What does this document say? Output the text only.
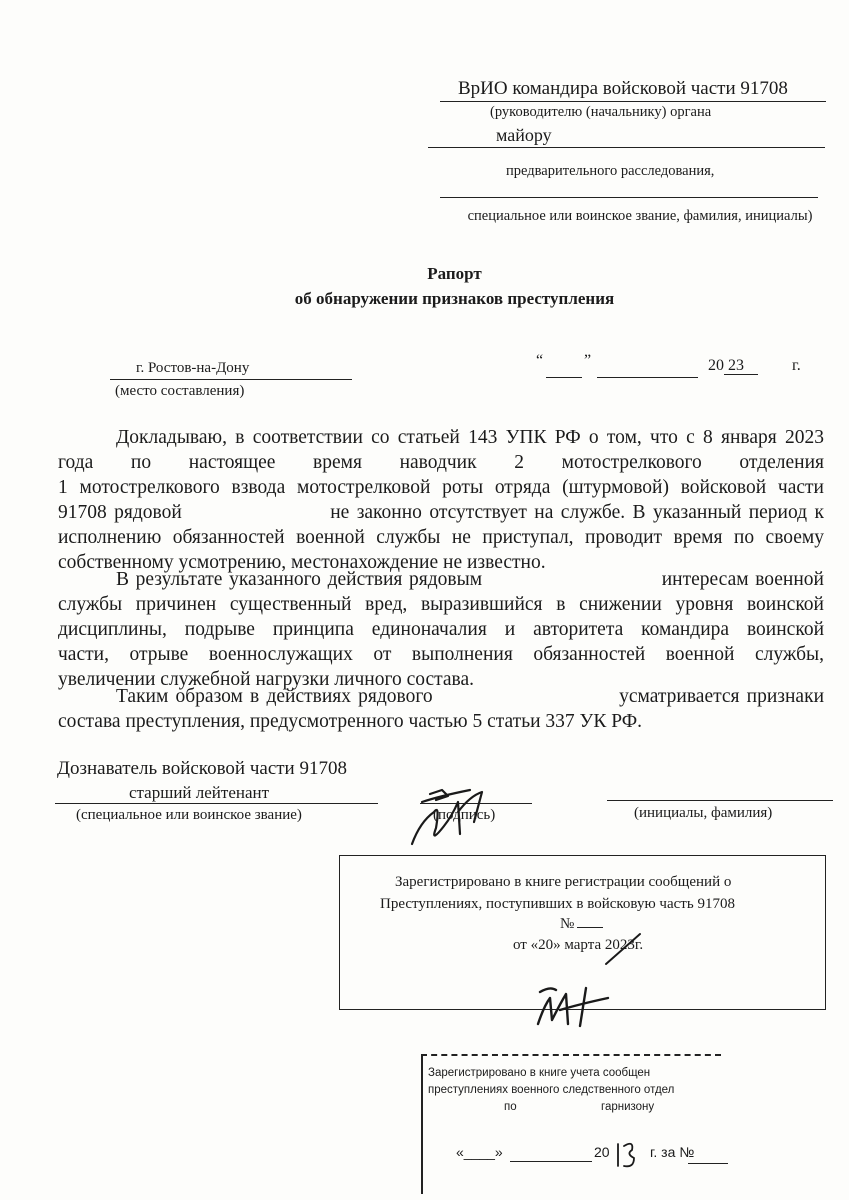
ВрИО командира войсковой части 91708
(руководителю (начальнику) органа
майору
предварительного расследования,
специальное или воинское звание, фамилия, инициалы)
Рапорт
об обнаружении признаков преступления
г. Ростов-на-Дону
(место составления)
“	”	20 23	г.
Докладываю, в соответствии со статьей 143 УПК РФ о том, что с 8 января 2023
года по настоящее время наводчик 2 мотострелкового отделения
1 мотострелкового взвода мотострелковой роты отряда (штурмовой) войсковой части
91708 рядовой                    не законно отсутствует на службе. В указанный период к
исполнению обязанностей военной службы не приступал, проводит время по своему
собственному усмотрению, местонахождение не известно.
В результате указанного действия рядовым                           интересам военной
службы причинен существенный вред, выразившийся в снижении уровня воинской
дисциплины, подрыве принципа единоначалия и авторитета командира воинской
части, отрыве военнослужащих от выполнения обязанностей военной службы,
увеличении служебной нагрузки личного состава.
Таким образом в действиях рядового                          усматривается признаки
состава преступления, предусмотренного частью 5 статьи 337 УК РФ.
Дознаватель войсковой части 91708
старший лейтенант
(специальное или воинское звание)	(подпись)	(инициалы, фамилия)
Зарегистрировано в книге регистрации сообщений о
Преступлениях, поступивших в войсковую часть 91708
№
от «20» марта 2023г.
Зарегистрировано в книге учета сообщен
преступлениях военного следственного отдел
по	гарнизону
«____»	20	г. за №
